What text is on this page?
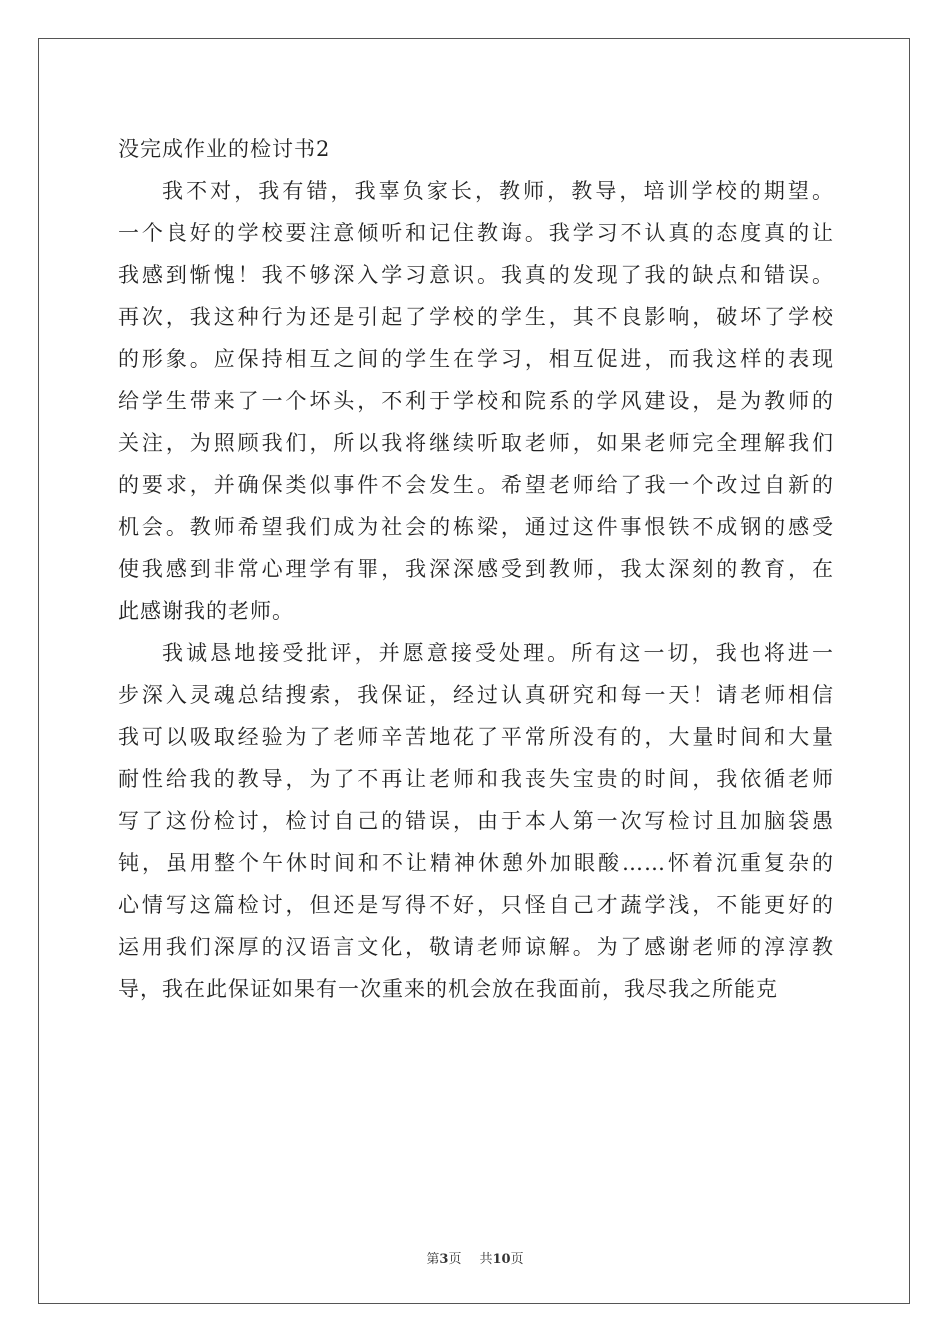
没完成作业的检讨书2

我不对，我有错，我辜负家长，教师，教导，培训学校的期望。
一个良好的学校要注意倾听和记住教诲。我学习不认真的态度真的让
我感到惭愧！我不够深入学习意识。我真的发现了我的缺点和错误。
再次，我这种行为还是引起了学校的学生，其不良影响，破坏了学校
的形象。应保持相互之间的学生在学习，相互促进，而我这样的表现
给学生带来了一个坏头，不利于学校和院系的学风建设，是为教师的
关注，为照顾我们，所以我将继续听取老师，如果老师完全理解我们
的要求，并确保类似事件不会发生。希望老师给了我一个改过自新的
机会。教师希望我们成为社会的栋梁，通过这件事恨铁不成钢的感受
使我感到非常心理学有罪，我深深感受到教师，我太深刻的教育，在
此感谢我的老师。

我诚恳地接受批评，并愿意接受处理。所有这一切，我也将进一
步深入灵魂总结搜索，我保证，经过认真研究和每一天！请老师相信
我可以吸取经验为了老师辛苦地花了平常所没有的，大量时间和大量
耐性给我的教导，为了不再让老师和我丧失宝贵的时间，我依循老师
写了这份检讨，检讨自己的错误，由于本人第一次写检讨且加脑袋愚
钝，虽用整个午休时间和不让精神休憩外加眼酸……怀着沉重复杂的
心情写这篇检讨，但还是写得不好，只怪自己才蔬学浅，不能更好的
运用我们深厚的汉语言文化，敬请老师谅解。为了感谢老师的淳淳教
导，我在此保证如果有一次重来的机会放在我面前，我尽我之所能克

第3页 共10页
